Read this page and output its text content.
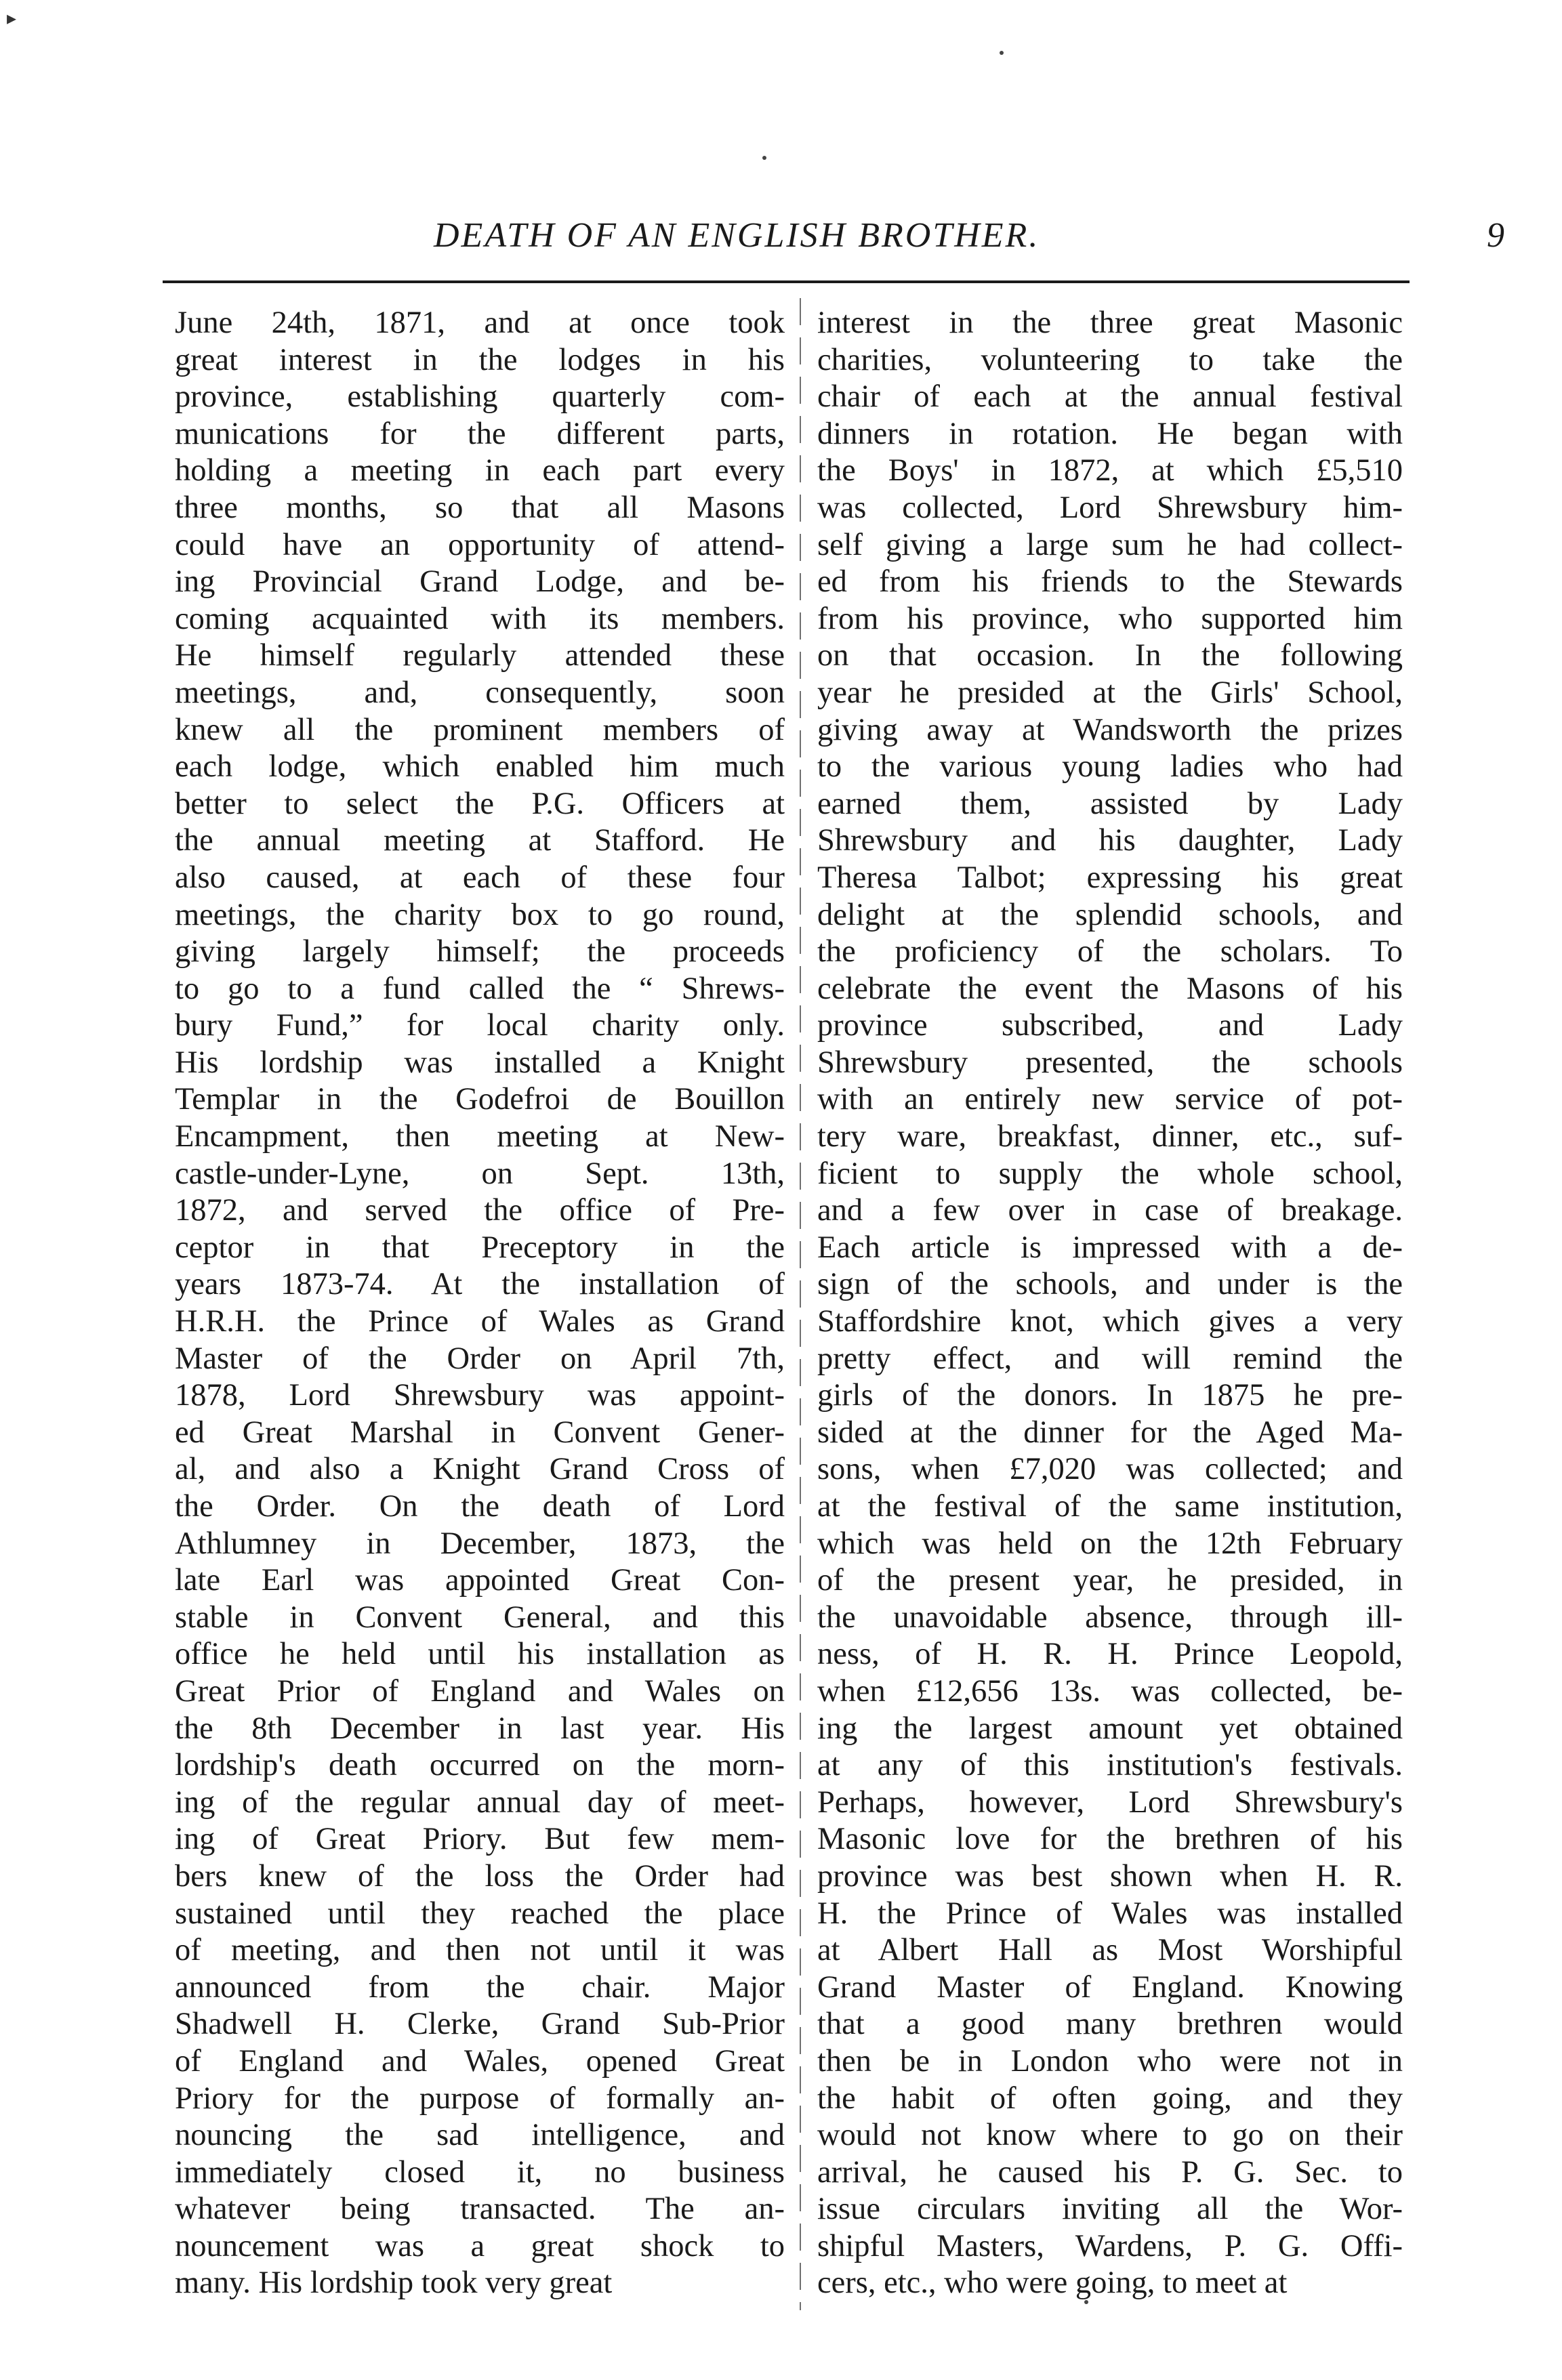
▸
DEATH OF AN ENGLISH BROTHER.	9
June 24th, 1871, and at once took
great interest in the lodges in his
province, establishing quarterly com-
munications for the different parts,
holding a meeting in each part every
three months, so that all Masons
could have an opportunity of attend-
ing Provincial Grand Lodge, and be-
coming acquainted with its members.
He himself regularly attended these
meetings, and, consequently, soon
knew all the prominent members of
each lodge, which enabled him much
better to select the P.G. Officers at
the annual meeting at Stafford. He
also caused, at each of these four
meetings, the charity box to go round,
giving largely himself; the proceeds
to go to a fund called the “ Shrews-
bury Fund,” for local charity only.
His lordship was installed a Knight
Templar in the Godefroi de Bouillon
Encampment, then meeting at New-
castle-under-Lyne, on Sept. 13th,
1872, and served the office of Pre-
ceptor in that Preceptory in the
years 1873-74. At the installation of
H.R.H. the Prince of Wales as Grand
Master of the Order on April 7th,
1878, Lord Shrewsbury was appoint-
ed Great Marshal in Convent Gener-
al, and also a Knight Grand Cross of
the Order. On the death of Lord
Athlumney in December, 1873, the
late Earl was appointed Great Con-
stable in Convent General, and this
office he held until his installation as
Great Prior of England and Wales on
the 8th December in last year. His
lordship's death occurred on the morn-
ing of the regular annual day of meet-
ing of Great Priory. But few mem-
bers knew of the loss the Order had
sustained until they reached the place
of meeting, and then not until it was
announced from the chair. Major
Shadwell H. Clerke, Grand Sub-Prior
of England and Wales, opened Great
Priory for the purpose of formally an-
nouncing the sad intelligence, and
immediately closed it, no business
whatever being transacted. The an-
nouncement was a great shock to
many. His lordship took very great
interest in the three great Masonic
charities, volunteering to take the
chair of each at the annual festival
dinners in rotation. He began with
the Boys' in 1872, at which £5,510
was collected, Lord Shrewsbury him-
self giving a large sum he had collect-
ed from his friends to the Stewards
from his province, who supported him
on that occasion. In the following
year he presided at the Girls' School,
giving away at Wandsworth the prizes
to the various young ladies who had
earned them, assisted by Lady
Shrewsbury and his daughter, Lady
Theresa Talbot; expressing his great
delight at the splendid schools, and
the proficiency of the scholars. To
celebrate the event the Masons of his
province subscribed, and Lady
Shrewsbury presented, the schools
with an entirely new service of pot-
tery ware, breakfast, dinner, etc., suf-
ficient to supply the whole school,
and a few over in case of breakage.
Each article is impressed with a de-
sign of the schools, and under is the
Staffordshire knot, which gives a very
pretty effect, and will remind the
girls of the donors. In 1875 he pre-
sided at the dinner for the Aged Ma-
sons, when £7,020 was collected; and
at the festival of the same institution,
which was held on the 12th February
of the present year, he presided, in
the unavoidable absence, through ill-
ness, of H. R. H. Prince Leopold,
when £12,656 13s. was collected, be-
ing the largest amount yet obtained
at any of this institution's festivals.
Perhaps, however, Lord Shrewsbury's
Masonic love for the brethren of his
province was best shown when H. R.
H. the Prince of Wales was installed
at Albert Hall as Most Worshipful
Grand Master of England. Knowing
that a good many brethren would
then be in London who were not in
the habit of often going, and they
would not know where to go on their
arrival, he caused his P. G. Sec. to
issue circulars inviting all the Wor-
shipful Masters, Wardens, P. G. Offi-
cers, etc., who were going, to meet at
